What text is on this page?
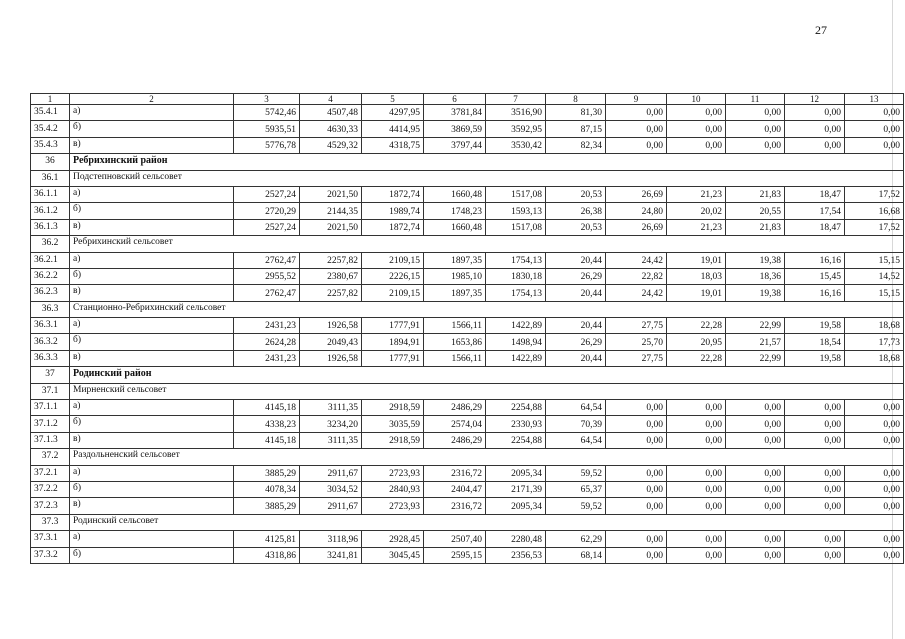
27
1	2	3	4	5	6	7	8	9	10	11	12	13
35.4.1	а)	5742,46	4507,48	4297,95	3781,84	3516,90	81,30	0,00	0,00	0,00	0,00	0,00
35.4.2	б)	5935,51	4630,33	4414,95	3869,59	3592,95	87,15	0,00	0,00	0,00	0,00	0,00
35.4.3	в)	5776,78	4529,32	4318,75	3797,44	3530,42	82,34	0,00	0,00	0,00	0,00	0,00
36	Ребрихинский район											
36.1	Подстепновский сельсовет											
36.1.1	а)	2527,24	2021,50	1872,74	1660,48	1517,08	20,53	26,69	21,23	21,83	18,47	17,52
36.1.2	б)	2720,29	2144,35	1989,74	1748,23	1593,13	26,38	24,80	20,02	20,55	17,54	16,68
36.1.3	в)	2527,24	2021,50	1872,74	1660,48	1517,08	20,53	26,69	21,23	21,83	18,47	17,52
36.2	Ребрихинский сельсовет											
36.2.1	а)	2762,47	2257,82	2109,15	1897,35	1754,13	20,44	24,42	19,01	19,38	16,16	15,15
36.2.2	б)	2955,52	2380,67	2226,15	1985,10	1830,18	26,29	22,82	18,03	18,36	15,45	14,52
36.2.3	в)	2762,47	2257,82	2109,15	1897,35	1754,13	20,44	24,42	19,01	19,38	16,16	15,15
36.3	Станционно-Ребрихинский сельсовет											
36.3.1	а)	2431,23	1926,58	1777,91	1566,11	1422,89	20,44	27,75	22,28	22,99	19,58	18,68
36.3.2	б)	2624,28	2049,43	1894,91	1653,86	1498,94	26,29	25,70	20,95	21,57	18,54	17,73
36.3.3	в)	2431,23	1926,58	1777,91	1566,11	1422,89	20,44	27,75	22,28	22,99	19,58	18,68
37	Родинский район											
37.1	Мирненский сельсовет											
37.1.1	а)	4145,18	3111,35	2918,59	2486,29	2254,88	64,54	0,00	0,00	0,00	0,00	0,00
37.1.2	б)	4338,23	3234,20	3035,59	2574,04	2330,93	70,39	0,00	0,00	0,00	0,00	0,00
37.1.3	в)	4145,18	3111,35	2918,59	2486,29	2254,88	64,54	0,00	0,00	0,00	0,00	0,00
37.2	Раздольненский сельсовет											
37.2.1	а)	3885,29	2911,67	2723,93	2316,72	2095,34	59,52	0,00	0,00	0,00	0,00	0,00
37.2.2	б)	4078,34	3034,52	2840,93	2404,47	2171,39	65,37	0,00	0,00	0,00	0,00	0,00
37.2.3	в)	3885,29	2911,67	2723,93	2316,72	2095,34	59,52	0,00	0,00	0,00	0,00	0,00
37.3	Родинский сельсовет											
37.3.1	а)	4125,81	3118,96	2928,45	2507,40	2280,48	62,29	0,00	0,00	0,00	0,00	0,00
37.3.2	б)	4318,86	3241,81	3045,45	2595,15	2356,53	68,14	0,00	0,00	0,00	0,00	0,00
